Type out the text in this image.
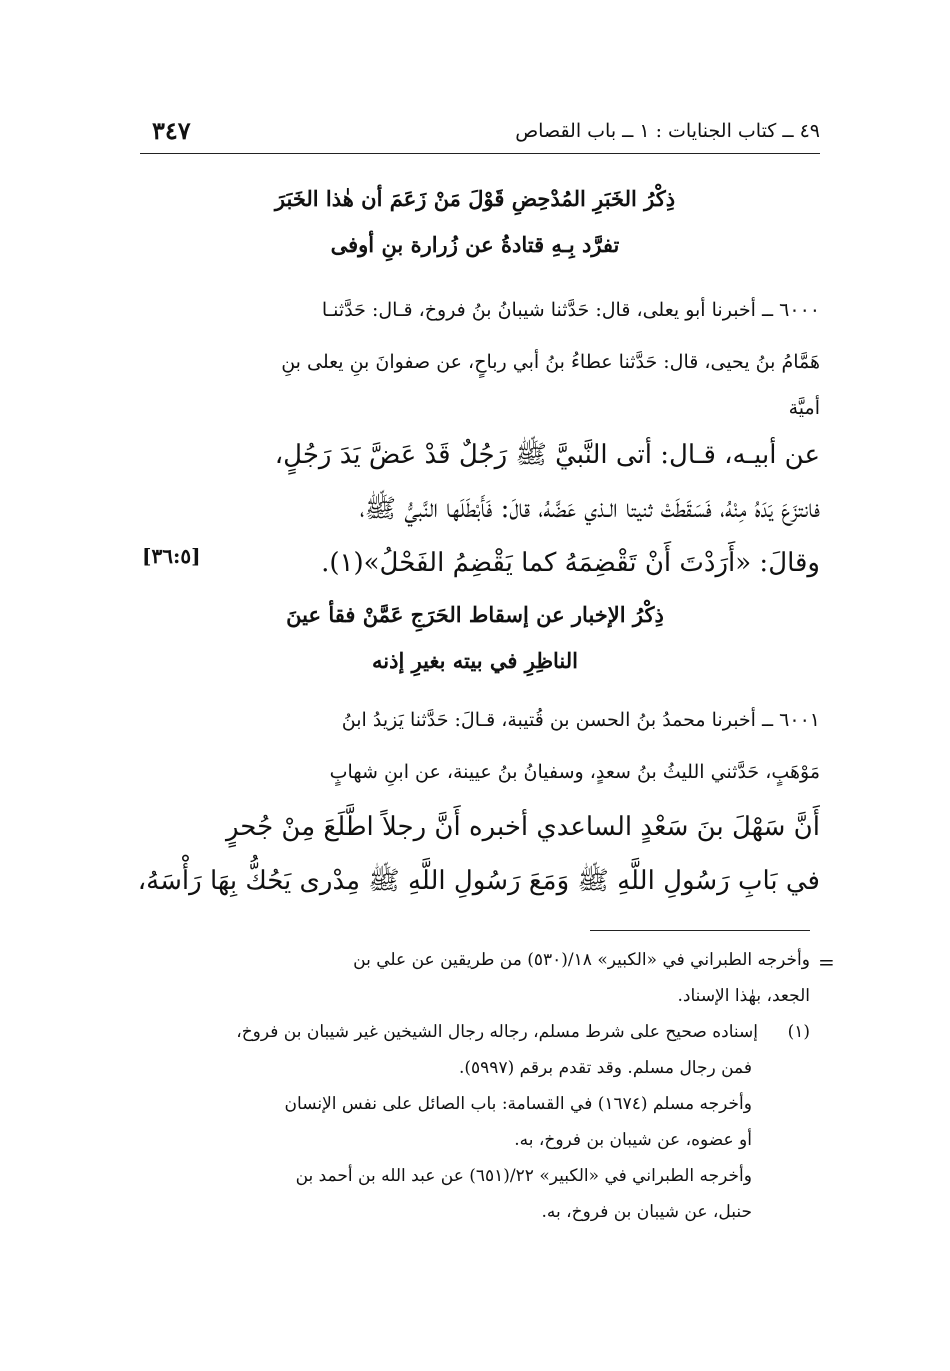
٤٩ ــ كتاب الجنايات : ١ ــ باب القصاص
٣٤٧
ذِكْرُ الخَبَرِ المُدْحِضِ قَوْلَ مَنْ زَعَمَ أن هٰذا الخَبَرَ
تفرَّد بِـهِ قتادةُ عن زُرارة بنِ أوفى
٦٠٠٠ ــ أخبرنا أبو يعلى، قال: حَدَّثنا شيبانُ بنُ فروخ، قـال: حَدَّثنـا
هَمَّامُ بنُ يحيى، قال: حَدَّثنا عطاءُ بنُ أبي رباحٍ، عن صفوانَ بنِ يعلى بنِ
أميَّة
عن أبيـه، قـال: أتى النَّبيَّ ﷺ رَجُلٌ قَدْ عَضَّ يَدَ رَجُلٍ،
فانتزَعَ يَدَهُ مِنْهُ، فَسَقَطَتْ ثنيتا الـذي عَضَّهُ، قالَ: فَأَبْطَلَها النَّبيُّ ﷺ،
وقالَ: «أَرَدْتَ أَنْ تَقْضِمَهُ كما يَقْضِمُ الفَحْلُ»(١).
[٣٦:٥]
ذِكْرُ الإخبار عن إسقاط الحَرَجِ عَمَّنْ فقأ عينَ
الناظِرِ في بيته بغيرِ إذنه
٦٠٠١ ــ أخبرنا محمدُ بنُ الحسن بن قُتيبة، قـالَ: حَدَّثنا يَزيدُ ابنُ
مَوْهَبٍ، حَدَّثني الليثُ بنُ سعدٍ، وسفيانُ بنُ عيينة، عن ابنِ شهابٍ
أَنَّ سَهْلَ بنَ سَعْدٍ الساعدي أخبره أَنَّ رجلاً اطَّلَعَ مِنْ جُحرٍ
في بَابِ رَسُولِ اللَّهِ ﷺ وَمَعَ رَسُولِ اللَّهِ ﷺ مِدْرى يَحُكُّ بِهَا رَأْسَهُ،
=
وأخرجه الطبراني في «الكبير» ١٨/(٥٣٠) من طريقين عن علي بن
الجعد، بهٰذا الإسناد.
(١)إسناده صحيح على شرط مسلم، رجاله رجال الشيخين غير شيبان بن فروخ،
فمن رجال مسلم. وقد تقدم برقم (٥٩٩٧).
وأخرجه مسلم (١٦٧٤) في القسامة: باب الصائل على نفس الإنسان
أو عضوه، عن شيبان بن فروخ، به.
وأخرجه الطبراني في «الكبير» ٢٢/(٦٥١) عن عبد الله بن أحمد بن
حنبل، عن شيبان بن فروخ، به.
